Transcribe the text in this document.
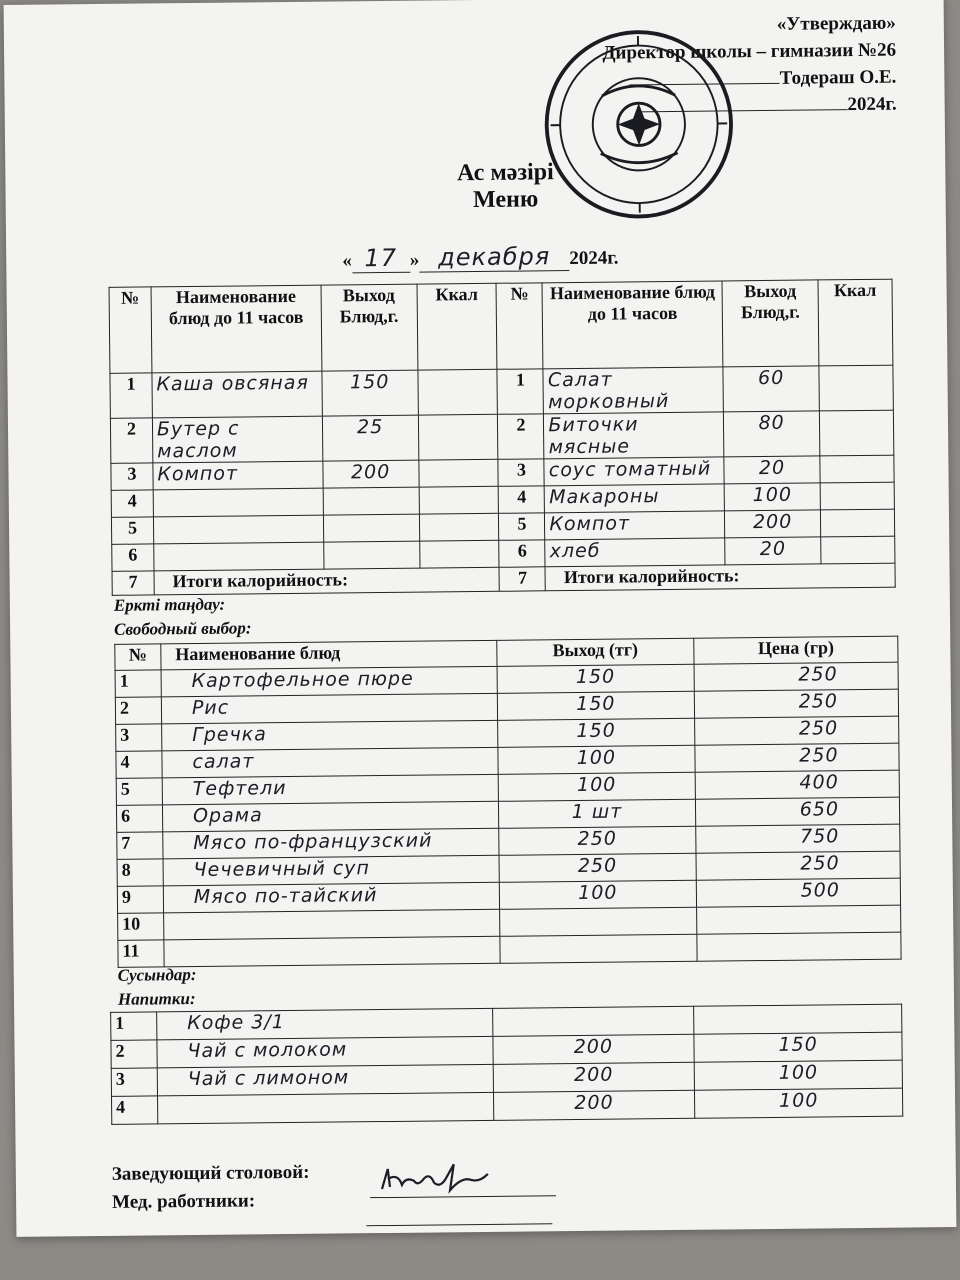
«Утверждаю»
Директор школы – гимназии №26
Тодераш О.Е.
2024г.
Ас мәзірі
Меню
« 17 » декабря 2024г.
№	Наименование блюд до 11 часов	Выход Блюд,г.	Ккал	№	Наименование блюд до 11 часов	Выход Блюд,г.	Ккал
1	Каша овсяная	150		1	Салат морковный	60	
2	Бутер с маслом	25		2	Биточки мясные	80	
3	Компот	200		3	соус томатный	20	
4				4	Макароны	100	
5				5	Компот	200	
6				6	хлеб	20	
7	Итоги калорийность:			7	Итоги калорийность:		
Еркті таңдау:
Свободный выбор:
№	Наименование блюд	Выход (тг)	Цена (гр)
1	Картофельное пюре	150	250
2	Рис	150	250
3	Гречка	150	250
4	салат	100	250
5	Тефтели	100	400
6	Орама	1 шт	650
7	Мясо по-французский	250	750
8	Чечевичный суп	250	250
9	Мясо по-тайский	100	500
10			
11			
Сусындар:
Напитки:
1	Кофе 3/1		
2	Чай с молоком	200	150
3	Чай с лимоном	200	100
4		200	100
Заведующий столовой:
Мед. работники:
